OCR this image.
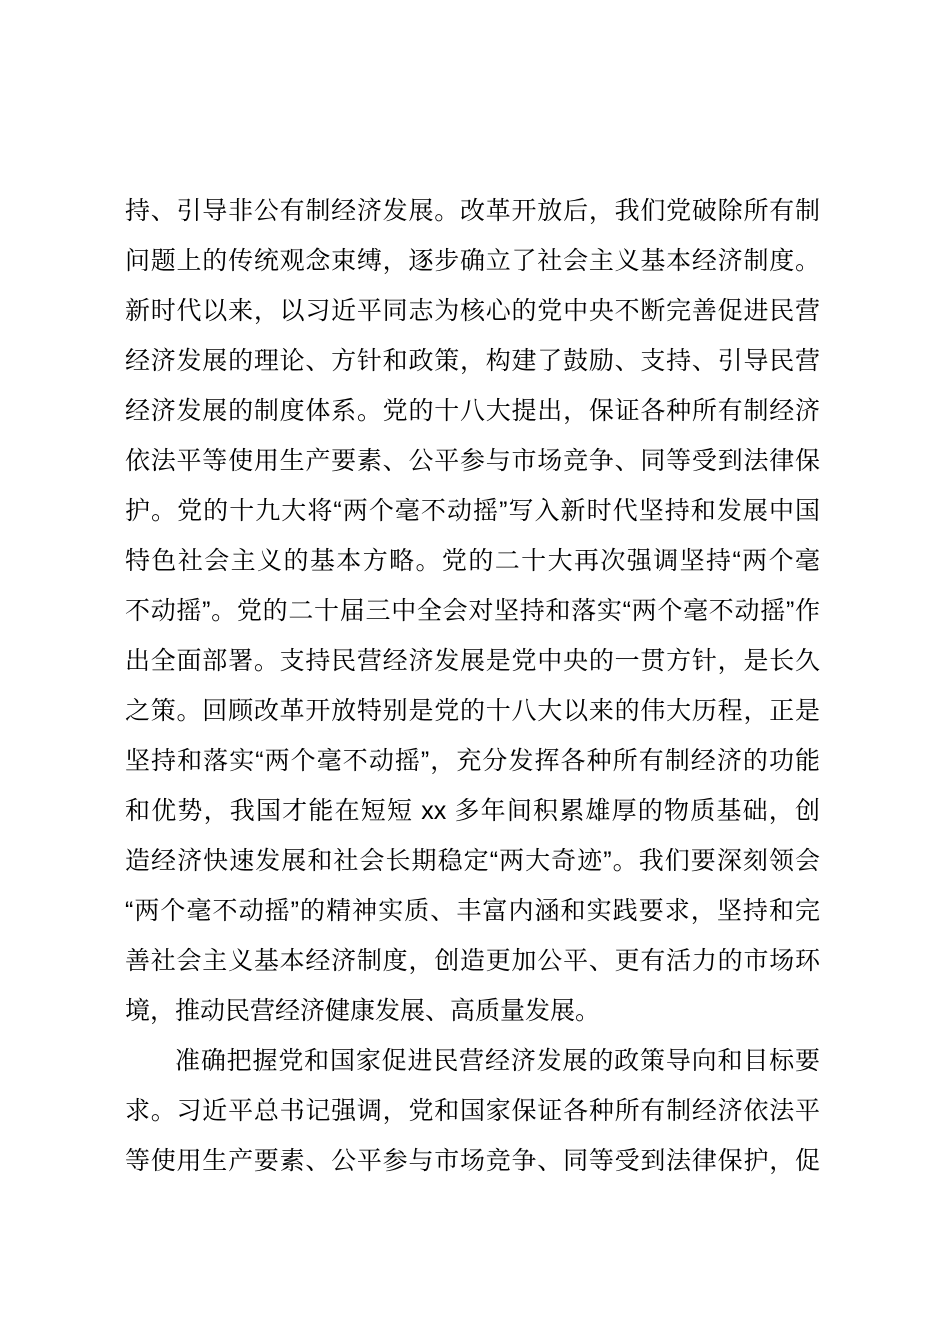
持、引导非公有制经济发展。改革开放后，我们党破除所有制
问题上的传统观念束缚，逐步确立了社会主义基本经济制度。
新时代以来，以习近平同志为核心的党中央不断完善促进民营
经济发展的理论、方针和政策，构建了鼓励、支持、引导民营
经济发展的制度体系。党的十八大提出，保证各种所有制经济
依法平等使用生产要素、公平参与市场竞争、同等受到法律保
护。党的十九大将“两个毫不动摇”写入新时代坚持和发展中国
特色社会主义的基本方略。党的二十大再次强调坚持“两个毫
不动摇”。党的二十届三中全会对坚持和落实“两个毫不动摇”作
出全面部署。支持民营经济发展是党中央的一贯方针，是长久
之策。回顾改革开放特别是党的十八大以来的伟大历程，正是
坚持和落实“两个毫不动摇”，充分发挥各种所有制经济的功能
和优势，我国才能在短短 xx 多年间积累雄厚的物质基础，创
造经济快速发展和社会长期稳定“两大奇迹”。我们要深刻领会
“两个毫不动摇”的精神实质、丰富内涵和实践要求，坚持和完
善社会主义基本经济制度，创造更加公平、更有活力的市场环
境，推动民营经济健康发展、高质量发展。
准确把握党和国家促进民营经济发展的政策导向和目标要
求。习近平总书记强调，党和国家保证各种所有制经济依法平
等使用生产要素、公平参与市场竞争、同等受到法律保护，促
